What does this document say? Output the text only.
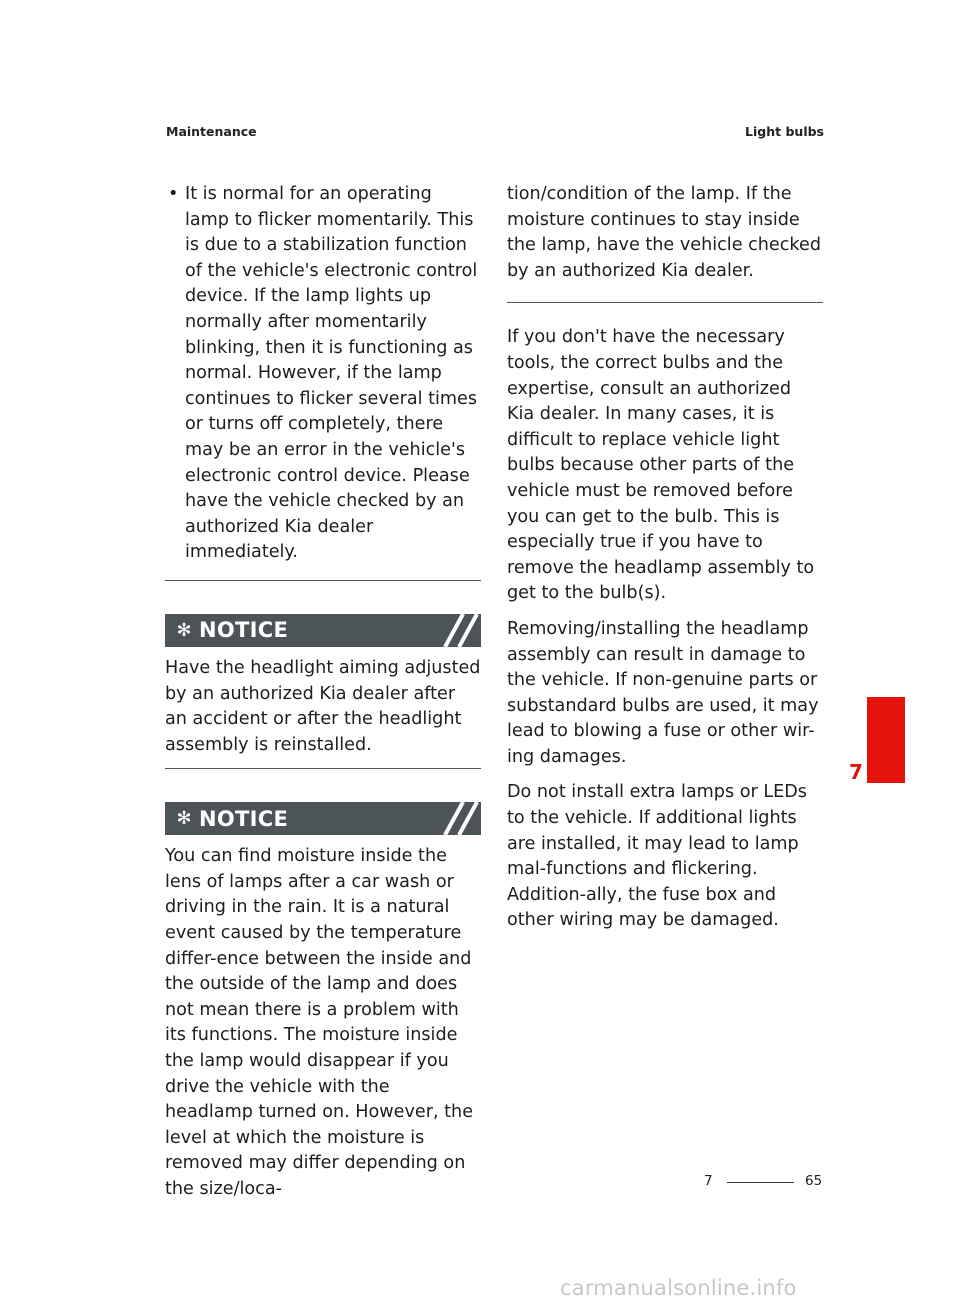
Maintenance	Light bulbs
• It is normal for an operating lamp to flicker momentarily. This is due to a stabilization function of the vehicle's electronic control device. If the lamp lights up normally after momentarily blinking, then it is functioning as normal. However, if the lamp continues to flicker several times or turns off completely, there may be an error in the vehicle's electronic control device. Please have the vehicle checked by an authorized Kia dealer immediately.
✻ NOTICE

Have the headlight aiming adjusted by an authorized Kia dealer after an accident or after the headlight assembly is reinstalled.

✻ NOTICE

You can find moisture inside the lens of lamps after a car wash or driving in the rain. It is a natural event caused by the temperature differ-ence between the inside and the outside of the lamp and does not mean there is a problem with its functions. The moisture inside the lamp would disappear if you drive the vehicle with the headlamp turned on. However, the level at which the moisture is removed may differ depending on the size/loca-

tion/condition of the lamp. If the moisture continues to stay inside the lamp, have the vehicle checked by an authorized Kia dealer.

If you don't have the necessary tools, the correct bulbs and the expertise, consult an authorized Kia dealer. In many cases, it is difficult to replace vehicle light bulbs because other parts of the vehicle must be removed before you can get to the bulb. This is especially true if you have to remove the headlamp assembly to get to the bulb(s).

Removing/installing the headlamp assembly can result in damage to the vehicle. If non-genuine parts or substandard bulbs are used, it may lead to blowing a fuse or other wir-ing damages.

Do not install extra lamps or LEDs to the vehicle. If additional lights are installed, it may lead to lamp mal-functions and flickering. Addition-ally, the fuse box and other wiring may be damaged.

7
7	65
carmanualsonline.info
